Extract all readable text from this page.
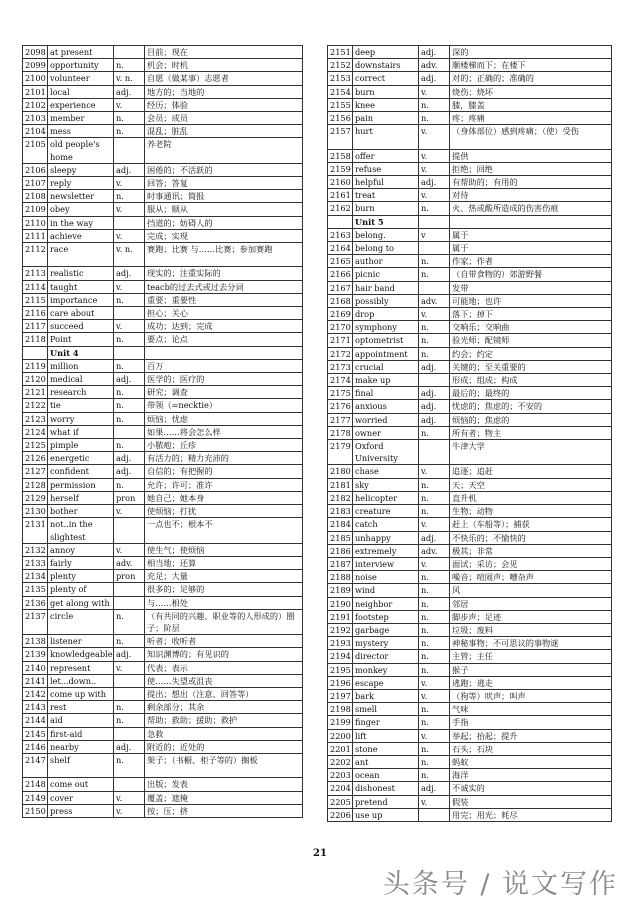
2098	at present		目前；现在
2099	opportunity	n.	机会；时机
2100	volunteer	v. n.	自愿（做某事）志愿者
2101	local	adj.	地方的；当地的
2102	experience	v.	经历；体验
2103	member	n.	会员；成员
2104	mess	n.	混乱；脏乱
2105	old people's home		养老院
2106	sleepy	adj.	困倦的；不活跃的
2107	reply	v.	回答；答复
2108	newsletter	n.	时事通讯；简报
2109	obey	v.	服从；顺从
2110	in the way		挡道的；妨碍人的
2111	achieve	v.	完成；实现
2112	race	v. n.	赛跑；比赛 与……比赛；参加赛跑
2113	realistic	adj.	现实的；注重实际的
2114	taught	v.	teacb的过去式或过去分词
2115	importance	n.	重要；重要性
2116	care about		担心；关心
2117	succeed	v.	成功；达到；完成
2118	Point	n.	要点；论点
	Unit 4		
2119	million	n.	百万
2120	medical	adj.	医学的；医疗的
2121	research	n.	研究；调查
2122	tie	n.	带领（=necktie）
2123	worry	n.	烦恼；忧虑
2124	what if		如果……将会怎么样
2125	pimple	n.	小脓疱；丘疹
2126	energetic	adj.	有活力的；精力充沛的
2127	confident	adj.	自信的；有把握的
2128	permission	n.	允许；许可；准许
2129	herself	pron	她自己；她本身
2130	bother	v.	使烦恼；打扰
2131	not..in the slightest		一点也不；根本不
2132	annoy	v.	使生气；使烦恼
2133	fairly	adv.	相当地；还算
2134	plenty	pron	充足；大量
2135	plenty of		很多的；足够的
2136	get along with		与……相处
2137	circle	n.	（有共同的兴趣、职业等的人形成的）圈子；阶层
2138	listener	n.	听者；收听者
2139	knowledgeable	adj.	知识渊博的；有见识的
2140	represent	v.	代表；表示
2141	let...down..		使……失望或沮丧
2142	come up with		提出；想出（注意、回答等）
2143	rest	n.	剩余部分；其余
2144	aid	n.	帮助；救助；援助；救护
2145	first-aid		急救
2146	nearby	adj.	附近的；近处的
2147	shelf	n.	架子；（书橱、柜子等的）搁板
2148	come out		出版；发表
2149	cover	v.	覆盖；遮掩
2150	press	v.	按；压；挤
2151	deep	adj.	深的
2152	downstairs	adv.	顺楼梯而下；在楼下
2153	correct	adj.	对的；正确的；准确的
2154	burn	v.	烧伤；烧坏
2155	knee	n.	膝，膝盖
2156	pain	n.	疼；疼痛
2157	hurt	v.	（身体部位）感到疼痛；（使）受伤
2158	offer	v.	提供
2159	refuse	v.	拒绝；回绝
2160	helpful	adj.	有帮助的；有用的
2161	treat	v.	对待
2162	burn	n.	火、热或酸所造成的伤害伤痕
	Unit 5		
2163	belong.	v	属于
2164	belong to		属于
2165	author	n.	作家；作者
2166	picnic	n.	（自带食物的）郊游野餐
2167	hair band		发带
2168	possibly	adv.	可能地；也许
2169	drop	v.	落下；掉下
2170	symphony	n.	交响乐；交响曲
2171	optometrist	n.	验光师；配镜师
2172	appointment	n.	约会；约定
2173	crucial	adj.	关键的；至关重要的
2174	make up		形成；组成；构成
2175	final	adj.	最后的；最终的
2176	anxious	adj.	忧虑的；焦虑的；不安的
2177	worried	adj.	烦恼的；焦虑的
2178	owner	n.	所有者；物主
2179	Oxford University		牛津大学
2180	chase	v.	追逐；追赶
2181	sky	n.	天；天空
2182	helicopter	n.	直升机
2183	creature	n.	生物；动物
2184	catch	v.	赶上（车船等）；捕获
2185	unhappy	adj.	不快乐的；不愉快的
2186	extremely	adv.	极其；非常
2187	interview	v.	面试；采访；会见
2188	noise	n.	噪音；喧闹声；嘈杂声
2189	wind	n.	风
2190	neighbor	n.	邻居
2191	footstep	n.	脚步声；足迹
2192	garbage	n.	垃圾；废料
2193	mystery	n.	神秘事物；不可思议的事物谜
2194	director	n.	主管；主任
2195	monkey	n.	猴子
2196	escape	v.	逃跑；逃走
2197	bark	v.	（狗等）吠声；叫声
2198	smell	n.	气味
2199	finger	n.	手指
2200	lift	v.	举起；抬起；提升
2201	stone	n.	石头；石块
2202	ant	n.	蚂蚁
2203	ocean	n.	海洋
2204	dishonest	adj.	不诚实的
2205	pretend	v.	假装
2206	use up		用完；用光；耗尽
21
头条号 / 说文写作
